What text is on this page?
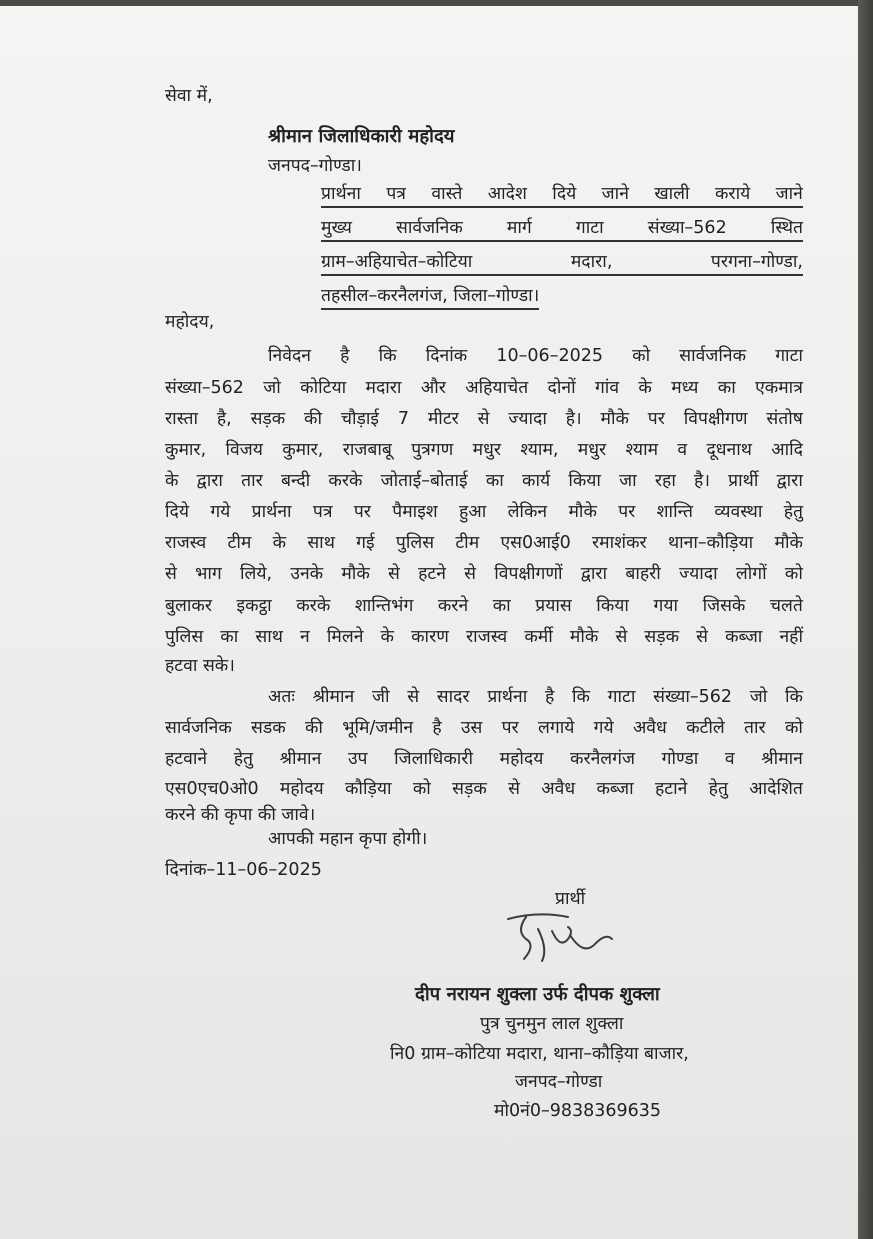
सेवा में,
श्रीमान जिलाधिकारी महोदय
जनपद–गोण्डा।
प्रार्थना पत्र वास्ते आदेश दिये जाने खाली कराये जाने
मुख्य	सार्वजनिक	मार्ग	गाटा	संख्या–562	स्थित
ग्राम–अहियाचेत–कोटिया	मदारा,	परगना–गोण्डा,
तहसील–करनैलगंज, जिला–गोण्डा।
महोदय,
निवेदन है कि दिनांक 10–06–2025 को सार्वजनिक गाटा
संख्या–562 जो कोटिया मदारा और अहियाचेत दोनों गांव के मध्य का एकमात्र
रास्ता है, सड़क की चौड़ाई 7 मीटर से ज्यादा है। मौके पर विपक्षीगण संतोष
कुमार, विजय कुमार, राजबाबू पुत्रगण मधुर श्याम, मधुर श्याम व दूधनाथ आदि
के द्वारा तार बन्दी करके जोताई–बोताई का कार्य किया जा रहा है। प्रार्थी द्वारा
दिये गये प्रार्थना पत्र पर पैमाइश हुआ लेकिन मौके पर शान्ति व्यवस्था हेतु
राजस्व टीम के साथ गई पुलिस टीम एस0आई0 रमाशंकर थाना–कौड़िया मौके
से भाग लिये, उनके मौके से हटने से विपक्षीगणों द्वारा बाहरी ज्यादा लोगों को
बुलाकर इकट्ठा करके शान्तिभंग करने का प्रयास किया गया जिसके चलते
पुलिस का साथ न मिलने के कारण राजस्व कर्मी मौके से सड़क से कब्जा नहीं
हटवा सके।
अतः श्रीमान जी से सादर प्रार्थना है कि गाटा संख्या–562 जो कि
सार्वजनिक सडक की भूमि/जमीन है उस पर लगाये गये अवैध कटीले तार को
हटवाने हेतु श्रीमान उप जिलाधिकारी महोदय करनैलगंज गोण्डा व श्रीमान
एस0एच0ओ0 महोदय कौड़िया को सड़क से अवैध कब्जा हटाने हेतु आदेशित
करने की कृपा की जावे।
आपकी महान कृपा होगी।
दिनांक–11–06–2025
प्रार्थी
दीप नरायन शुक्ला उर्फ दीपक शुक्ला
पुत्र चुनमुन लाल शुक्ला
नि0 ग्राम–कोटिया मदारा, थाना–कौड़िया बाजार,
जनपद–गोण्डा
मो0नं0–9838369635
